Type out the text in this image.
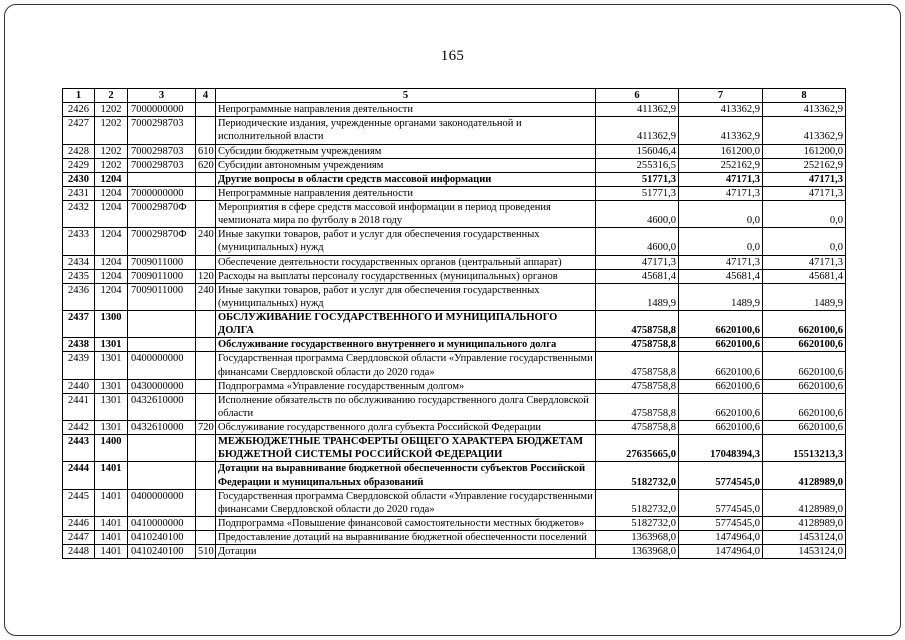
165
1	2	3	4	5	6	7	8
2426	1202	7000000000		Непрограммные направления деятельности	411362,9	413362,9	413362,9
2427	1202	7000298703		Периодические издания, учрежденные органами законодательной и исполнительной власти	411362,9	413362,9	413362,9
2428	1202	7000298703	610	Субсидии бюджетным учреждениям	156046,4	161200,0	161200,0
2429	1202	7000298703	620	Субсидии автономным учреждениям	255316,5	252162,9	252162,9
2430	1204			Другие вопросы в области средств массовой информации	51771,3	47171,3	47171,3
2431	1204	7000000000		Непрограммные направления деятельности	51771,3	47171,3	47171,3
2432	1204	700029870Ф		Мероприятия в сфере средств массовой информации в период проведения чемпионата мира по футболу в 2018 году	4600,0	0,0	0,0
2433	1204	700029870Ф	240	Иные закупки товаров, работ и услуг для обеспечения государственных (муниципальных) нужд	4600,0	0,0	0,0
2434	1204	7009011000		Обеспечение деятельности государственных органов (центральный аппарат)	47171,3	47171,3	47171,3
2435	1204	7009011000	120	Расходы на выплаты персоналу государственных (муниципальных) органов	45681,4	45681,4	45681,4
2436	1204	7009011000	240	Иные закупки товаров, работ и услуг для обеспечения государственных (муниципальных) нужд	1489,9	1489,9	1489,9
2437	1300			ОБСЛУЖИВАНИЕ ГОСУДАРСТВЕННОГО И МУНИЦИПАЛЬНОГО ДОЛГА	4758758,8	6620100,6	6620100,6
2438	1301			Обслуживание государственного внутреннего и муниципального долга	4758758,8	6620100,6	6620100,6
2439	1301	0400000000		Государственная программа Свердловской области «Управление государственными финансами Свердловской области до 2020 года»	4758758,8	6620100,6	6620100,6
2440	1301	0430000000		Подпрограмма «Управление государственным долгом»	4758758,8	6620100,6	6620100,6
2441	1301	0432610000		Исполнение обязательств по обслуживанию государственного долга Свердловской области	4758758,8	6620100,6	6620100,6
2442	1301	0432610000	720	Обслуживание государственного долга субъекта Российской Федерации	4758758,8	6620100,6	6620100,6
2443	1400			МЕЖБЮДЖЕТНЫЕ ТРАНСФЕРТЫ ОБЩЕГО ХАРАКТЕРА БЮДЖЕТАМ БЮДЖЕТНОЙ СИСТЕМЫ РОССИЙСКОЙ ФЕДЕРАЦИИ	27635665,0	17048394,3	15513213,3
2444	1401			Дотации на выравнивание бюджетной обеспеченности субъектов Российской Федерации и муниципальных образований	5182732,0	5774545,0	4128989,0
2445	1401	0400000000		Государственная программа Свердловской области «Управление государственными финансами Свердловской области до 2020 года»	5182732,0	5774545,0	4128989,0
2446	1401	0410000000		Подпрограмма «Повышение финансовой самостоятельности местных бюджетов»	5182732,0	5774545,0	4128989,0
2447	1401	0410240100		Предоставление дотаций на выравнивание бюджетной обеспеченности поселений	1363968,0	1474964,0	1453124,0
2448	1401	0410240100	510	Дотации	1363968,0	1474964,0	1453124,0
